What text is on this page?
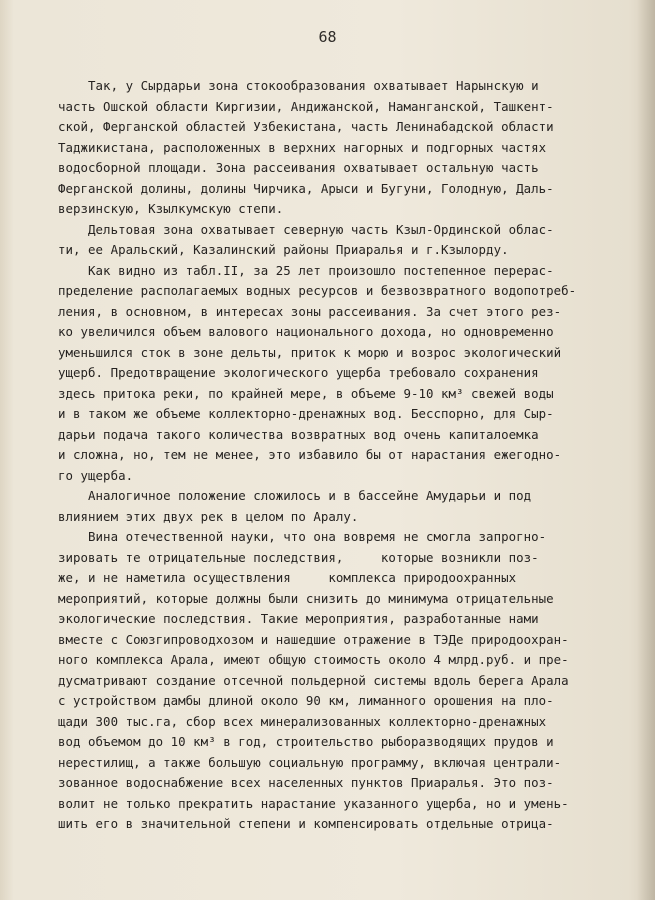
68
Так, у Сырдарьи зона стокообразования охватывает Нарынскую и
часть Ошской области Киргизии, Андижанской, Наманганской, Ташкент-
ской, Ферганской областей Узбекистана, часть Ленинабадской области
Таджикистана, расположенных в верхних нагорных и подгорных частях
водосборной площади. Зона рассеивания охватывает остальную часть
Ферганской долины, долины Чирчика, Арыси и Бугуни, Голодную, Даль-
верзинскую, Кзылкумскую степи.
Дельтовая зона охватывает северную часть Кзыл-Ординской облас-
ти, ее Аральский, Казалинский районы Приаралья и г.Кзылорду.
Как видно из табл.II, за 25 лет произошло постепенное перерас-
пределение располагаемых водных ресурсов и безвозвратного водопотреб-
ления, в основном, в интересах зоны рассеивания. За счет этого рез-
ко увеличился объем валового национального дохода, но одновременно
уменьшился сток в зоне дельты, приток к морю и возрос экологический
ущерб. Предотвращение экологического ущерба требовало сохранения
здесь притока реки, по крайней мере, в объеме 9-10 км³ свежей воды
и в таком же объеме коллекторно-дренажных вод. Бесспорно, для Сыр-
дарьи подача такого количества возвратных вод очень капиталоемка
и сложна, но, тем не менее, это избавило бы от нарастания ежегодно-
го ущерба.
Аналогичное положение сложилось и в бассейне Амударьи и под
влиянием этих двух рек в целом по Аралу.
Вина отечественной науки, что она вовремя не смогла запрогно-
зировать те отрицательные последствия,     которые возникли поз-
же, и не наметила осуществления     комплекса природоохранных
мероприятий, которые должны были снизить до минимума отрицательные
экологические последствия. Такие мероприятия, разработанные нами
вместе с Союзгипроводхозом и нашедшие отражение в ТЭДе природоохран-
ного комплекса Арала, имеют общую стоимость около 4 млрд.руб. и пре-
дусматривают создание отсечной польдерной системы вдоль берега Арала
с устройством дамбы длиной около 90 км, лиманного орошения на пло-
щади 300 тыс.га, сбор всех минерализованных коллекторно-дренажных
вод объемом до 10 км³ в год, строительство рыборазводящих прудов и
нерестилищ, а также большую социальную программу, включая централи-
зованное водоснабжение всех населенных пунктов Приаралья. Это поз-
волит не только прекратить нарастание указанного ущерба, но и умень-
шить его в значительной степени и компенсировать отдельные отрица-
